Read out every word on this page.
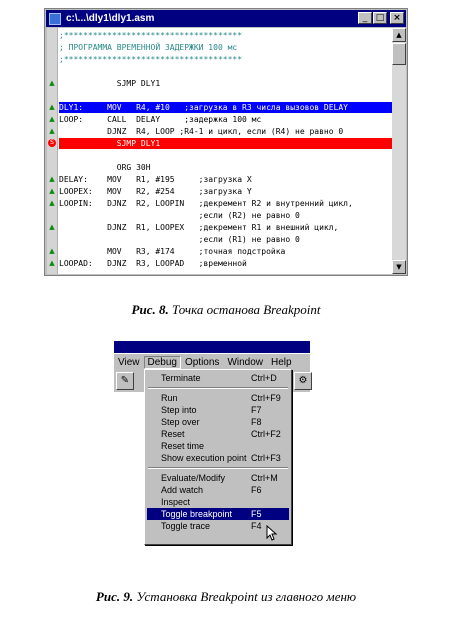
c:\...\dly1\dly1.asm	_ □ ×
;*************************************
; ПРОГРАММА ВРЕМЕННОЙ ЗАДЕРЖКИ 100 мс
;*************************************
SJMP DLY1
▲
DLY1:     MOV   R4, #10   ;загрузка в R3 числа вызовов DELAY
▲
LOOP:     CALL  DELAY     ;задержка 100 мс
▲
DJNZ  R4, LOOP ;R4-1 и цикл, если (R4) не равно 0
▲
SJMP DLY1
S
ORG 30H
DELAY:    MOV   R1, #195     ;загрузка X
▲
LOOPEX:   MOV   R2, #254     ;загрузка Y
▲
LOOPIN:   DJNZ  R2, LOOPIN   ;декремент R2 и внутренний цикл,
▲
;если (R2) не равно 0
DJNZ  R1, LOOPEX   ;декремент R1 и внешний цикл,
▲
;если (R1) не равно 0
MOV   R3, #174     ;точная подстройка
▲
LOOPAD:   DJNZ  R3, LOOPAD   ;временной
▲
▲
▼
Рис. 8. Точка останова Breakpoint
View Debug Options Window Help
✎	⚙
Terminate	Ctrl+D
Run	Ctrl+F9
Step into	F7
Step over	F8
Reset	Ctrl+F2
Reset time
Show execution point Ctrl+F3
Evaluate/Modify	Ctrl+M
Add watch	F6
Inspect
Toggle breakpoint F5
Toggle trace	F4
Рис. 9. Установка Breakpoint из главного меню
